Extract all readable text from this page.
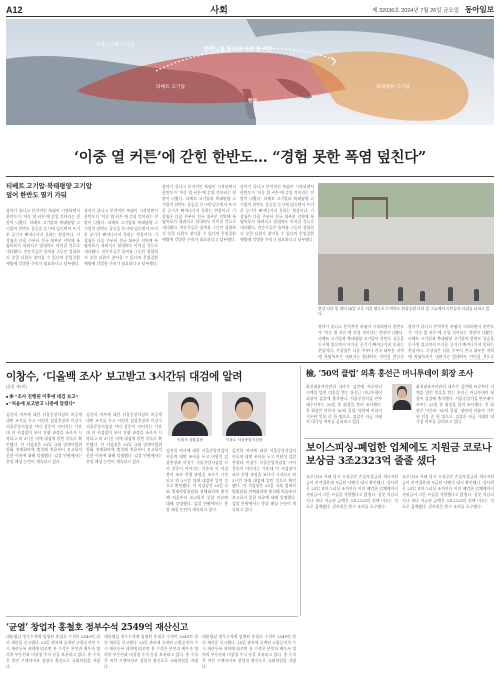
A12	사회	제 32036호 2024년 7월 26일 금요일 동아일보
오호츠크해 고기압
한반도를 둘러싼 이중 열 커튼
티베트 고기압
한국
북태평양 고기압
‘이중 열 커튼’에 갇힌 한반도… “경험 못한 폭염 덮친다”
티베트 고기압·북태평양 고기압
덮어 한반도 열기 가둬
장마가 끝나고 본격적인 폭염이 시작되면서 한반도가 ‘이중 열 커튼’에 갇힐 것이라는 전망이 나왔다. 티베트 고기압과 북태평양 고기압이 한반도 상공을 동시에 덮으면서 뜨거운 공기가 빠져나가지 못하는 현상이다. 기상청은 다음 주부터 전국 대부분 지역에 폭염특보가 내려지고 열대야도 이어질 것으로 내다봤다. 전문가들은 올여름 그동안 경험하지 못한 더위가 찾아올 수 있다며 온열질환 예방에 각별한 주의가 필요하다고 당부했다.
장마가 끝나고 본격적인 폭염이 시작되면서 한반도가 ‘이중 열 커튼’에 갇힐 것이라는 전망이 나왔다. 티베트 고기압과 북태평양 고기압이 한반도 상공을 동시에 덮으면서 뜨거운 공기가 빠져나가지 못하는 현상이다. 기상청은 다음 주부터 전국 대부분 지역에 폭염특보가 내려지고 열대야도 이어질 것으로 내다봤다. 전문가들은 올여름 그동안 경험하지 못한 더위가 찾아올 수 있다며 온열질환 예방에 각별한 주의가 필요하다고 당부했다.
장마가 끝나고 본격적인 폭염이 시작되면서 한반도가 ‘이중 열 커튼’에 갇힐 것이라는 전망이 나왔다. 티베트 고기압과 북태평양 고기압이 한반도 상공을 동시에 덮으면서 뜨거운 공기가 빠져나가지 못하는 현상이다. 기상청은 다음 주부터 전국 대부분 지역에 폭염특보가 내려지고 열대야도 이어질 것으로 내다봤다. 전문가들은 올여름 그동안 경험하지 못한 더위가 찾아올 수 있다며 온열질환 예방에 각별한 주의가 필요하다고 당부했다.
장마가 끝나고 본격적인 폭염이 시작되면서 한반도가 ‘이중 열 커튼’에 갇힐 것이라는 전망이 나왔다. 티베트 고기압과 북태평양 고기압이 한반도 상공을 동시에 덮으면서 뜨거운 공기가 빠져나가지 못하는 현상이다. 기상청은 다음 주부터 전국 대부분 지역에 폭염특보가 내려지고 열대야도 이어질 것으로 내다봤다. 전문가들은 올여름 그동안 경험하지 못한 더위가 찾아올 수 있다며 온열질환 예방에 각별한 주의가 필요하다고 당부했다.
한강 다리 밑 쉼터 25일 오후 서울 영등포구 여의도 한강공원 다리 밑 그늘에서 시민들이 더위를 피하고 있다.
장마가 끝나고 본격적인 폭염이 시작되면서 한반도가 ‘이중 열 커튼’에 갇힐 것이라는 전망이 나왔다. 티베트 고기압과 북태평양 고기압이 한반도 상공을 동시에 덮으면서 뜨거운 공기가 빠져나가지 못하는 현상이다. 기상청은 다음 주부터 전국 대부분 지역에 폭염특보가 내려지고 열대야도 이어질 것으로
장마가 끝나고 본격적인 폭염이 시작되면서 한반도가 ‘이중 열 커튼’에 갇힐 것이라는 전망이 나왔다. 티베트 고기압과 북태평양 고기압이 한반도 상공을 동시에 덮으면서 뜨거운 공기가 빠져나가지 못하는 현상이다. 기상청은 다음 주부터 전국 대부분 지역에 폭염특보가 내려지고 열대야도 이어질 것으로
이창수, ‘디올백 조사’ 보고받고 3시간뒤 대검에 알려
(종합 제1면)
■ 李 “조사 진행된 이후에 대검 보고”
■ “처음에 보고받고 나중에 알렸다”
이원석 검찰총장	이창수 서울중앙지검장
김건희 여사에 대한 서울중앙지검의 비공개 대면 조사를 두고 이원석 검찰총장과 이창수 서울중앙지검장 사이 갈등이 이어지는 가운데 이 지검장이 조사 진행 과정을 조사가 시작되고 약 3시간 뒤에 대검에 알린 것으로 확인됐다. 이 지검장은 25일 국회 법제사법위원회 전체회의에 출석해 처음부터 보고하지 못한 이유에 대해 설명했다. 검찰 안팎에서는 총장 패싱 논란이 계속되고 있다.
김건희 여사에 대한 서울중앙지검의 비공개 대면 조사를 두고 이원석 검찰총장과 이창수 서울중앙지검장 사이 갈등이 이어지는 가운데 이 지검장이 조사 진행 과정을 조사가 시작되고 약 3시간 뒤에 대검에 알린 것으로 확인됐다. 이 지검장은 25일 국회 법제사법위원회 전체회의에 출석해 처음부터 보고하지 못한 이유에 대해 설명했다. 검찰 안팎에서는 총장 패싱 논란이 계속되고 있다.
김건희 여사에 대한 서울중앙지검의 비공개 대면 조사를 두고 이원석 검찰총장과 이창수 서울중앙지검장 사이 갈등이 이어지는 가운데 이 지검장이 조사 진행 과정을 조사가 시작되고 약 3시간 뒤에 대검에 알린 것으로 확인됐다. 이 지검장은 25일 국회 법제사법위원회 전체회의에 출석해 처음부터 보고하지 못한 이유에 대해 설명했다. 검찰 안팎에서는 총장 패싱 논란이 계속되고 있다.
김건희 여사에 대한 서울중앙지검의 비공개 대면 조사를 두고 이원석 검찰총장과 이창수 서울중앙지검장 사이 갈등이 이어지는 가운데 이 지검장이 조사 진행 과정을 조사가 시작되고 약 3시간 뒤에 대검에 알린 것으로 확인됐다. 이 지검장은 25일 국회 법제사법위원회 전체회의에 출석해 처음부터 보고하지 못한 이유에 대해 설명했다. 검찰 안팎에서는 총장 패싱 논란이 계속되고 있다.
檢, ‘50억 클럽’ 의혹 홍선근 머니투데이 회장 조사
화천대유자산관리 대주주 김만배 씨로부터 거액을 빌린 의혹을 받는 홍선근 머니투데이 회장이 검찰에 출석했다. 서울중앙지검 반부패수사부는 25일 홍 회장을 불러 조사했다. 홍 회장은 이른바 ‘50억 클럽’ 명단에 이름이 거론된 인물 중 한 명으로, 검찰은 자금 거래의 대가성 여부를 살펴보고 있다.
화천대유자산관리 대주주 김만배 씨로부터 거액을 빌린 의혹을 받는 홍선근 머니투데이 회장이 검찰에 출석했다. 서울중앙지검 반부패수사부는 25일 홍 회장을 불러 조사했다. 홍 회장은 이른바 ‘50억 클럽’ 명단에 이름이 거론된 인물 중 한 명으로, 검찰은 자금 거래의 대가성 여부를 살펴보고 있다.
보이스피싱-폐업한 업체에도 지원금 코로나 보상금 3조2323억 줄줄 샜다
코로나19 사태 당시 소상공인 손실보상금과 재난지원금이 부적절하게 지급된 사례가 대거 확인됐다. 감사원은 25일 보이스피싱 조직이나 이미 폐업한 업체에까지 지원금이 나간 사실을 적발했다고 밝혔다. 잘못 지급되거나 과다 지급된 금액은 3조2323억 원에 이르는 것으로 집계됐다. 감사원은 환수 조치를 요구했다.
코로나19 사태 당시 소상공인 손실보상금과 재난지원금이 부적절하게 지급된 사례가 대거 확인됐다. 감사원은 25일 보이스피싱 조직이나 이미 폐업한 업체에까지 지원금이 나간 사실을 적발했다고 밝혔다. 잘못 지급되거나 과다 지급된 금액은 3조2323억 원에 이르는 것으로 집계됐다. 감사원은 환수 조치를 요구했다.
‘균열’ 창업자 홍철호 정부수석 2549억 재산신고
대통령실 정무수석에 임명된 홍철호 수석이 2549억 원의 재산을 신고했다. 25일 관보에 공개된 고위공직자 수시 재산등록 내역에 따르면 홍 수석은 본인과 배우자 명의의 부동산과 비상장 주식 등을 보유하고 있다. 홍 수석은 치킨 프랜차이즈 창업자 출신으로 국회의원을 지냈다.
대통령실 정무수석에 임명된 홍철호 수석이 2549억 원의 재산을 신고했다. 25일 관보에 공개된 고위공직자 수시 재산등록 내역에 따르면 홍 수석은 본인과 배우자 명의의 부동산과 비상장 주식 등을 보유하고 있다. 홍 수석은 치킨 프랜차이즈 창업자 출신으로 국회의원을 지냈다.
대통령실 정무수석에 임명된 홍철호 수석이 2549억 원의 재산을 신고했다. 25일 관보에 공개된 고위공직자 수시 재산등록 내역에 따르면 홍 수석은 본인과 배우자 명의의 부동산과 비상장 주식 등을 보유하고 있다. 홍 수석은 치킨 프랜차이즈 창업자 출신으로 국회의원을 지냈다.
